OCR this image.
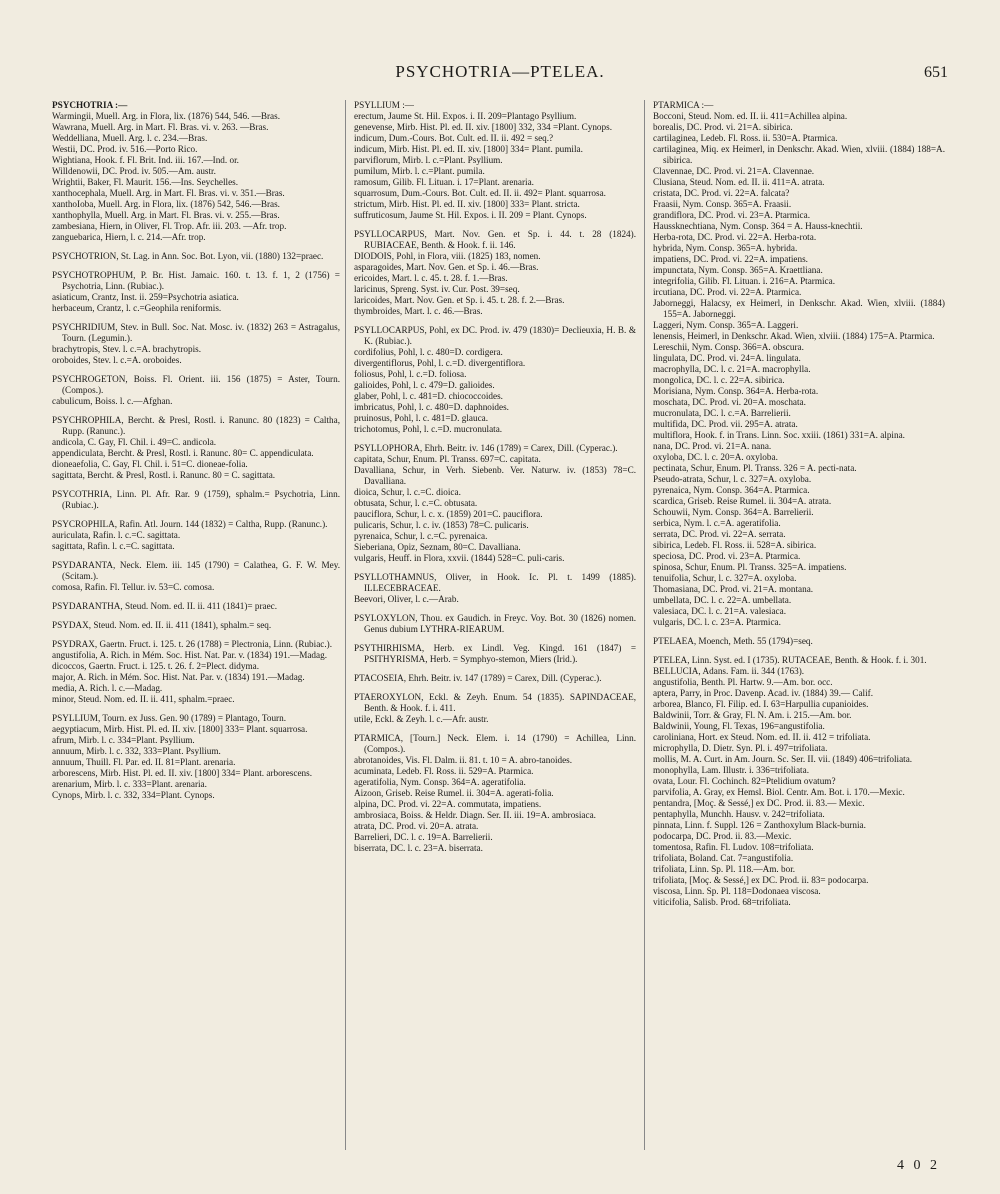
PSYCHOTRIA—PTELEA.	651

PSYCHOTRIA :—

Warmingii, Muell. Arg. in Flora, lix. (1876) 544, 546. —Bras.

Wawrana, Muell. Arg. in Mart. Fl. Bras. vi. v. 263. —Bras.

Weddelliana, Muell. Arg. l. c. 234.—Bras.

Westii, DC. Prod. iv. 516.—Porto Rico.

Wightiana, Hook. f. Fl. Brit. Ind. iii. 167.—Ind. or.

Willdenowii, DC. Prod. iv. 505.—Am. austr.

Wrightii, Baker, Fl. Maurit. 156.—Ins. Seychelles.

xanthocephala, Muell. Arg. in Mart. Fl. Bras. vi. v. 351.—Bras.

xanthoIoba, Muell. Arg. in Flora, lix. (1876) 542, 546.—Bras.

xanthophylla, Muell. Arg. in Mart. Fl. Bras. vi. v. 255.—Bras.

zambesiana, Hiern, in Oliver, Fl. Trop. Afr. iii. 203. —Afr. trop.

zanguebarica, Hiern, l. c. 214.—Afr. trop.

PSYCHOTRION, St. Lag. in Ann. Soc. Bot. Lyon, vii. (1880) 132=praec.

PSYCHOTROPHUM, P. Br. Hist. Jamaic. 160. t. 13. f. 1, 2 (1756) = Psychotria, Linn. (Rubiac.).

asiaticum, Crantz, Inst. ii. 259=Psychotria asiatica.

herbaceum, Crantz, l. c.=Geophila reniformis.

PSYCHRIDIUM, Stev. in Bull. Soc. Nat. Mosc. iv. (1832) 263 = Astragalus, Tourn. (Legumin.).

brachytropis, Stev. l. c.=A. brachytropis.

oroboides, Stev. l. c.=A. oroboides.

PSYCHROGETON, Boiss. Fl. Orient. iii. 156 (1875) = Aster, Tourn. (Compos.).

cabulicum, Boiss. l. c.—Afghan.

PSYCHROPHILA, Bercht. & Presl, Rostl. i. Ranunc. 80 (1823) = Caltha, Rupp. (Ranunc.).

andicola, C. Gay, Fl. Chil. i. 49=C. andicola.

appendiculata, Bercht. & Presl, Rostl. i. Ranunc. 80= C. appendiculata.

dioneaefolia, C. Gay, Fl. Chil. i. 51=C. dioneae-folia.

sagittata, Bercht. & Presl, Rostl. i. Ranunc. 80 = C. sagittata.

PSYCOTHRIA, Linn. Pl. Afr. Rar. 9 (1759), sphalm.= Psychotria, Linn. (Rubiac.).

PSYCROPHILA, Rafin. Atl. Journ. 144 (1832) = Caltha, Rupp. (Ranunc.).

auriculata, Rafin. l. c.=C. sagittata.

sagittata, Rafin. l. c.=C. sagittata.

PSYDARANTA, Neck. Elem. iii. 145 (1790) = Calathea, G. F. W. Mey. (Scitam.).

comosa, Rafin. Fl. Tellur. iv. 53=C. comosa.

PSYDARANTHA, Steud. Nom. ed. II. ii. 411 (1841)= praec.

PSYDAX, Steud. Nom. ed. II. ii. 411 (1841), sphalm.= seq.

PSYDRAX, Gaertn. Fruct. i. 125. t. 26 (1788) = Plectronia, Linn. (Rubiac.).

angustifolia, A. Rich. in Mém. Soc. Hist. Nat. Par. v. (1834) 191.—Madag.

dicoccos, Gaertn. Fruct. i. 125. t. 26. f. 2=Plect. didyma.

major, A. Rich. in Mém. Soc. Hist. Nat. Par. v. (1834) 191.—Madag.

media, A. Rich. l. c.—Madag.

minor, Steud. Nom. ed. II. ii. 411, sphalm.=praec.

PSYLLIUM, Tourn. ex Juss. Gen. 90 (1789) = Plantago, Tourn.

aegyptiacum, Mirb. Hist. Pl. ed. II. xiv. [1800] 333= Plant. squarrosa.

afrum, Mirb. l. c. 334=Plant. Psyllium.

annuum, Mirb. l. c. 332, 333=Plant. Psyllium.

annuum, Thuill. Fl. Par. ed. II. 81=Plant. arenaria.

arborescens, Mirb. Hist. Pl. ed. II. xiv. [1800] 334= Plant. arborescens.

arenarium, Mirb. l. c. 333=Plant. arenaria.

Cynops, Mirb. l. c. 332, 334=Plant. Cynops.

PSYLLIUM :—

erectum, Jaume St. Hil. Expos. i. II. 209=Plantago Psyllium.

genevense, Mirb. Hist. Pl. ed. II. xiv. [1800] 332, 334 =Plant. Cynops.

indicum, Dum.-Cours. Bot. Cult. ed. II. ii. 492 = seq.?

indicum, Mirb. Hist. Pl. ed. II. xiv. [1800] 334= Plant. pumila.

parviflorum, Mirb. l. c.=Plant. Psyllium.

pumilum, Mirb. l. c.=Plant. pumila.

ramosum, Gilib. Fl. Lituan. i. 17=Plant. arenaria.

squarrosum, Dum.-Cours. Bot. Cult. ed. II. ii. 492= Plant. squarrosa.

strictum, Mirb. Hist. Pl. ed. II. xiv. [1800] 333= Plant. stricta.

suffruticosum, Jaume St. Hil. Expos. i. II. 209 = Plant. Cynops.

PSYLLOCARPUS, Mart. Nov. Gen. et Sp. i. 44. t. 28 (1824). RUBIACEAE, Benth. & Hook. f. ii. 146.

DIODOIS, Pohl, in Flora, viii. (1825) 183, nomen.

asparagoides, Mart. Nov. Gen. et Sp. i. 46.—Bras.

ericoides, Mart. l. c. 45. t. 28. f. 1.—Bras.

laricinus, Spreng. Syst. iv. Cur. Post. 39=seq.

laricoides, Mart. Nov. Gen. et Sp. i. 45. t. 28. f. 2.—Bras.

thymbroides, Mart. l. c. 46.—Bras.

PSYLLOCARPUS, Pohl, ex DC. Prod. iv. 479 (1830)= Declieuxia, H. B. & K. (Rubiac.).

cordifolius, Pohl, l. c. 480=D. cordigera.

divergentiflorus, Pohl, l. c.=D. divergentiflora.

foliosus, Pohl, l. c.=D. foliosa.

galioides, Pohl, l. c. 479=D. galioides.

glaber, Pohl, l. c. 481=D. chiococcoides.

imbricatus, Pohl, l. c. 480=D. daphnoides.

pruinosus, Pohl, l. c. 481=D. glauca.

trichotomus, Pohl, l. c.=D. mucronulata.

PSYLLOPHORA, Ehrh. Beitr. iv. 146 (1789) = Carex, Dill. (Cyperac.).

capitata, Schur, Enum. Pl. Transs. 697=C. capitata.

Davalliana, Schur, in Verh. Siebenb. Ver. Naturw. iv. (1853) 78=C. Davalliana.

dioica, Schur, l. c.=C. dioica.

obtusata, Schur, l. c.=C. obtusata.

pauciflora, Schur, l. c. x. (1859) 201=C. pauciflora.

pulicaris, Schur, l. c. iv. (1853) 78=C. pulicaris.

pyrenaica, Schur, l. c.=C. pyrenaica.

Sieberiana, Opiz, Seznam, 80=C. Davalliana.

vulgaris, Heuff. in Flora, xxvii. (1844) 528=C. puli-caris.

PSYLLOTHAMNUS, Oliver, in Hook. Ic. Pl. t. 1499 (1885). ILLECEBRACEAE.

Beevori, Oliver, l. c.—Arab.

PSYLOXYLON, Thou. ex Gaudich. in Freyc. Voy. Bot. 30 (1826) nomen. Genus dubium LYTHRA-RIEARUM.

PSYTHIRHISMA, Herb. ex Lindl. Veg. Kingd. 161 (1847) = PSITHYRISMA, Herb. = Symphyo-stemon, Miers (Irid.).

PTACOSEIA, Ehrh. Beitr. iv. 147 (1789) = Carex, Dill. (Cyperac.).

PTAEROXYLON, Eckl. & Zeyh. Enum. 54 (1835). SAPINDACEAE, Benth. & Hook. f. i. 411.

utile, Eckl. & Zeyh. l. c.—Afr. austr.

PTARMICA, [Tourn.] Neck. Elem. i. 14 (1790) = Achillea, Linn. (Compos.).

abrotanoides, Vis. Fl. Dalm. ii. 81. t. 10 = A. abro-tanoides.

acuminata, Ledeb. Fl. Ross. ii. 529=A. Ptarmica.

ageratifolia, Nym. Consp. 364=A. ageratifolia.

Aizoon, Griseb. Reise Rumel. ii. 304=A. agerati-folia.

alpina, DC. Prod. vi. 22=A. commutata, impatiens.

ambrosiaca, Boiss. & Heldr. Diagn. Ser. II. iii. 19=A. ambrosiaca.

atrata, DC. Prod. vi. 20=A. atrata.

Barrelieri, DC. l. c. 19=A. Barrelierii.

biserrata, DC. l. c. 23=A. biserrata.

PTARMICA :—

Bocconi, Steud. Nom. ed. II. ii. 411=Achillea alpina.

borealis, DC. Prod. vi. 21=A. sibirica.

cartilaginea, Ledeb. Fl. Ross. ii. 530=A. Ptarmica.

cartilaginea, Miq. ex Heimerl, in Denkschr. Akad. Wien, xlviii. (1884) 188=A. sibirica.

Clavennae, DC. Prod. vi. 21=A. Clavennae.

Clusiana, Steud. Nom. ed. II. ii. 411=A. atrata.

cristata, DC. Prod. vi. 22=A. falcata?

Fraasii, Nym. Consp. 365=A. Fraasii.

grandiflora, DC. Prod. vi. 23=A. Ptarmica.

Haussknechtiana, Nym. Consp. 364 = A. Hauss-knechtii.

Herba-rota, DC. Prod. vi. 22=A. Herba-rota.

hybrida, Nym. Consp. 365=A. hybrida.

impatiens, DC. Prod. vi. 22=A. impatiens.

impunctata, Nym. Consp. 365=A. Kraettliana.

integrifolia, Gilib. Fl. Lituan. i. 216=A. Ptarmica.

ircutiana, DC. Prod. vi. 22=A. Ptarmica.

Jaborneggi, Halacsy, ex Heimerl, in Denkschr. Akad. Wien, xlviii. (1884) 155=A. Jaborneggi.

Laggeri, Nym. Consp. 365=A. Laggeri.

lenensis, Heimerl, in Denkschr. Akad. Wien, xlviii. (1884) 175=A. Ptarmica.

Lereschii, Nym. Consp. 366=A. obscura.

lingulata, DC. Prod. vi. 24=A. lingulata.

macrophylla, DC. l. c. 21=A. macrophylla.

mongolica, DC. l. c. 22=A. sibirica.

Morisiana, Nym. Consp. 364=A. Herba-rota.

moschata, DC. Prod. vi. 20=A. moschata.

mucronulata, DC. l. c.=A. Barrelierii.

multifida, DC. Prod. vii. 295=A. atrata.

multiflora, Hook. f. in Trans. Linn. Soc. xxiii. (1861) 331=A. alpina.

nana, DC. Prod. vi. 21=A. nana.

oxyloba, DC. l. c. 20=A. oxyloba.

pectinata, Schur, Enum. Pl. Transs. 326 = A. pecti-nata.

Pseudo-atrata, Schur, l. c. 327=A. oxyloba.

pyrenaica, Nym. Consp. 364=A. Ptarmica.

scardica, Griseb. Reise Rumel. ii. 304=A. atrata.

Schouwii, Nym. Consp. 364=A. Barrelierii.

serbica, Nym. l. c.=A. ageratifolia.

serrata, DC. Prod. vi. 22=A. serrata.

sibirica, Ledeb. Fl. Ross. ii. 528=A. sibirica.

speciosa, DC. Prod. vi. 23=A. Ptarmica.

spinosa, Schur, Enum. Pl. Transs. 325=A. impatiens.

tenuifolia, Schur, l. c. 327=A. oxyloba.

Thomasiana, DC. Prod. vi. 21=A. montana.

umbellata, DC. l. c. 22=A. umbellata.

valesiaca, DC. l. c. 21=A. valesiaca.

vulgaris, DC. l. c. 23=A. Ptarmica.

PTELAEA, Moench, Meth. 55 (1794)=seq.

PTELEA, Linn. Syst. ed. I (1735). RUTACEAE, Benth. & Hook. f. i. 301.

BELLUCIA, Adans. Fam. ii. 344 (1763).

angustifolia, Benth. Pl. Hartw. 9.—Am. bor. occ.

aptera, Parry, in Proc. Davenp. Acad. iv. (1884) 39.— Calif.

arborea, Blanco, Fl. Filip. ed. I. 63=Harpullia cupanioides.

Baldwinii, Torr. & Gray, Fl. N. Am. i. 215.—Am. bor.

Baldwinii, Young, Fl. Texas, 196=angustifolia.

caroliniana, Hort. ex Steud. Nom. ed. II. ii. 412 = trifoliata.

microphylla, D. Dietr. Syn. Pl. i. 497=trifoliata.

mollis, M. A. Curt. in Am. Journ. Sc. Ser. II. vii. (1849) 406=trifoliata.

monophylla, Lam. Illustr. i. 336=trifoliata.

ovata, Lour. Fl. Cochinch. 82=Ptelidium ovatum?

parvifolia, A. Gray, ex Hemsl. Biol. Centr. Am. Bot. i. 170.—Mexic.

pentandra, [Moç. & Sessé,] ex DC. Prod. ii. 83.— Mexic.

pentaphylla, Munchh. Hausv. v. 242=trifoliata.

pinnata, Linn. f. Suppl. 126 = Zanthoxylum Black-burnia.

podocarpa, DC. Prod. ii. 83.—Mexic.

tomentosa, Rafin. Fl. Ludov. 108=trifoliata.

trifoliata, Boland. Cat. 7=angustifolia.

trifoliata, Linn. Sp. Pl. 118.—Am. bor.

trifoliata, [Moç. & Sessé,] ex DC. Prod. ii. 83= podocarpa.

viscosa, Linn. Sp. Pl. 118=Dodonaea viscosa.

viticifolia, Salisb. Prod. 68=trifoliata.

4 0 2
